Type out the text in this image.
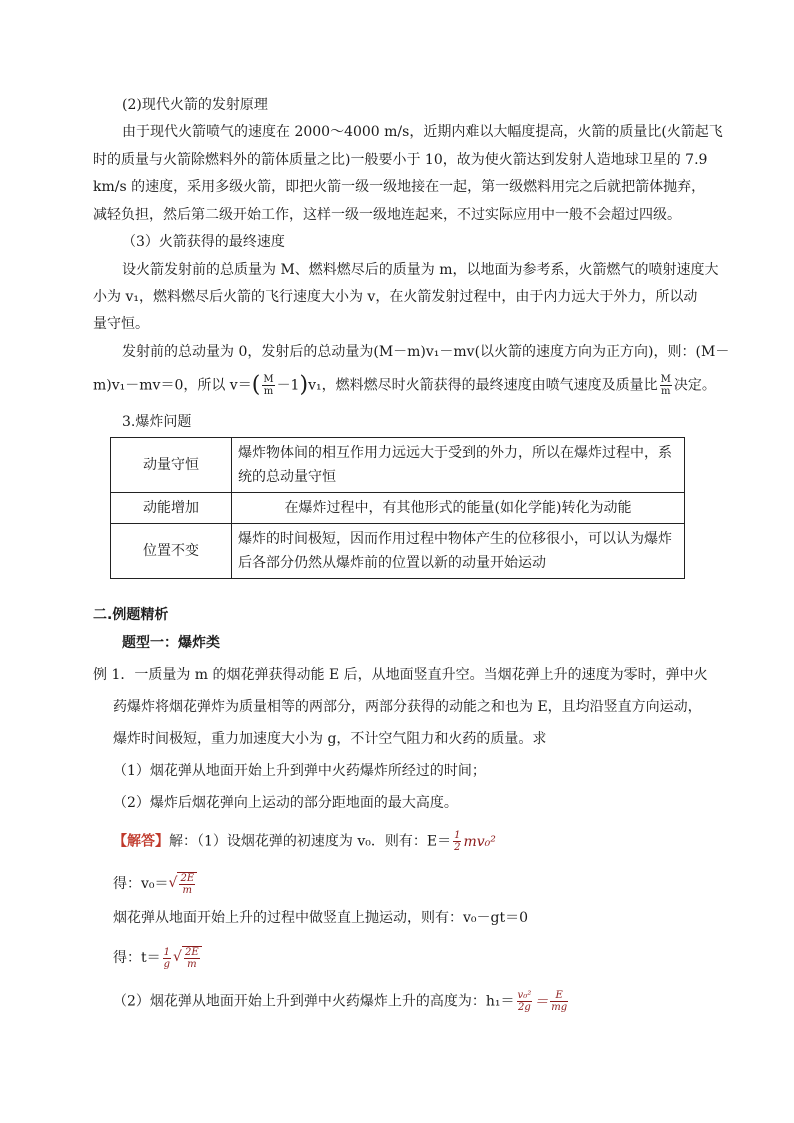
(2)现代火箭的发射原理
由于现代火箭喷气的速度在 2000～4000 m/s，近期内难以大幅度提高，火箭的质量比(火箭起飞
时的质量与火箭除燃料外的箭体质量之比)一般要小于 10，故为使火箭达到发射人造地球卫星的 7.9
km/s 的速度，采用多级火箭，即把火箭一级一级地接在一起，第一级燃料用完之后就把箭体抛弃，
减轻负担，然后第二级开始工作，这样一级一级地连起来，不过实际应用中一般不会超过四级。
（3）火箭获得的最终速度
设火箭发射前的总质量为 M、燃料燃尽后的质量为 m，以地面为参考系，火箭燃气的喷射速度大
小为 v₁，燃料燃尽后火箭的飞行速度大小为 v，在火箭发射过程中，由于内力远大于外力，所以动
量守恒。
发射前的总动量为 0，发射后的总动量为(M－m)v₁－mv(以火箭的速度方向为正方向)，则：(M－
m)v₁－mv＝0，所以 $v=( \frac{M}{m} -1)v_1$，燃料燃尽时火箭获得的最终速度由喷气速度及质量比 $\frac{M}{m}$ 决定。
3.爆炸问题
动量守恒	爆炸物体间的相互作用力远远大于受到的外力，所以在爆炸过程中，系
统的总动量守恒

动能增加	在爆炸过程中，有其他形式的能量(如化学能)转化为动能

位置不变	爆炸的时间极短，因而作用过程中物体产生的位移很小，可以认为爆炸
后各部分仍然从爆炸前的位置以新的动量开始运动
二.例题精析
题型一：爆炸类
例 1．一质量为 m 的烟花弹获得动能 E 后，从地面竖直升空。当烟花弹上升的速度为零时，弹中火
药爆炸将烟花弹炸为质量相等的两部分，两部分获得的动能之和也为 E，且均沿竖直方向运动，
爆炸时间极短，重力加速度大小为 g，不计空气阻力和火药的质量。求
（1）烟花弹从地面开始上升到弹中火药爆炸所经过的时间；
（2）爆炸后烟花弹向上运动的部分距地面的最大高度。
【解答】解：（1）设烟花弹的初速度为 v₀．则有：$E= \frac{1}{2} mv_0^2$
得：$v_0=√ \frac{2E}{m}$
烟花弹从地面开始上升的过程中做竖直上抛运动，则有：v₀－gt＝0
得：$t= \frac{1}{g}$ √ $\frac{2E}{m}$
（2）烟花弹从地面开始上升到弹中火药爆炸上升的高度为：$h_1= \frac{\text{v₀²}}{2g} = \frac{E}{mg}$
